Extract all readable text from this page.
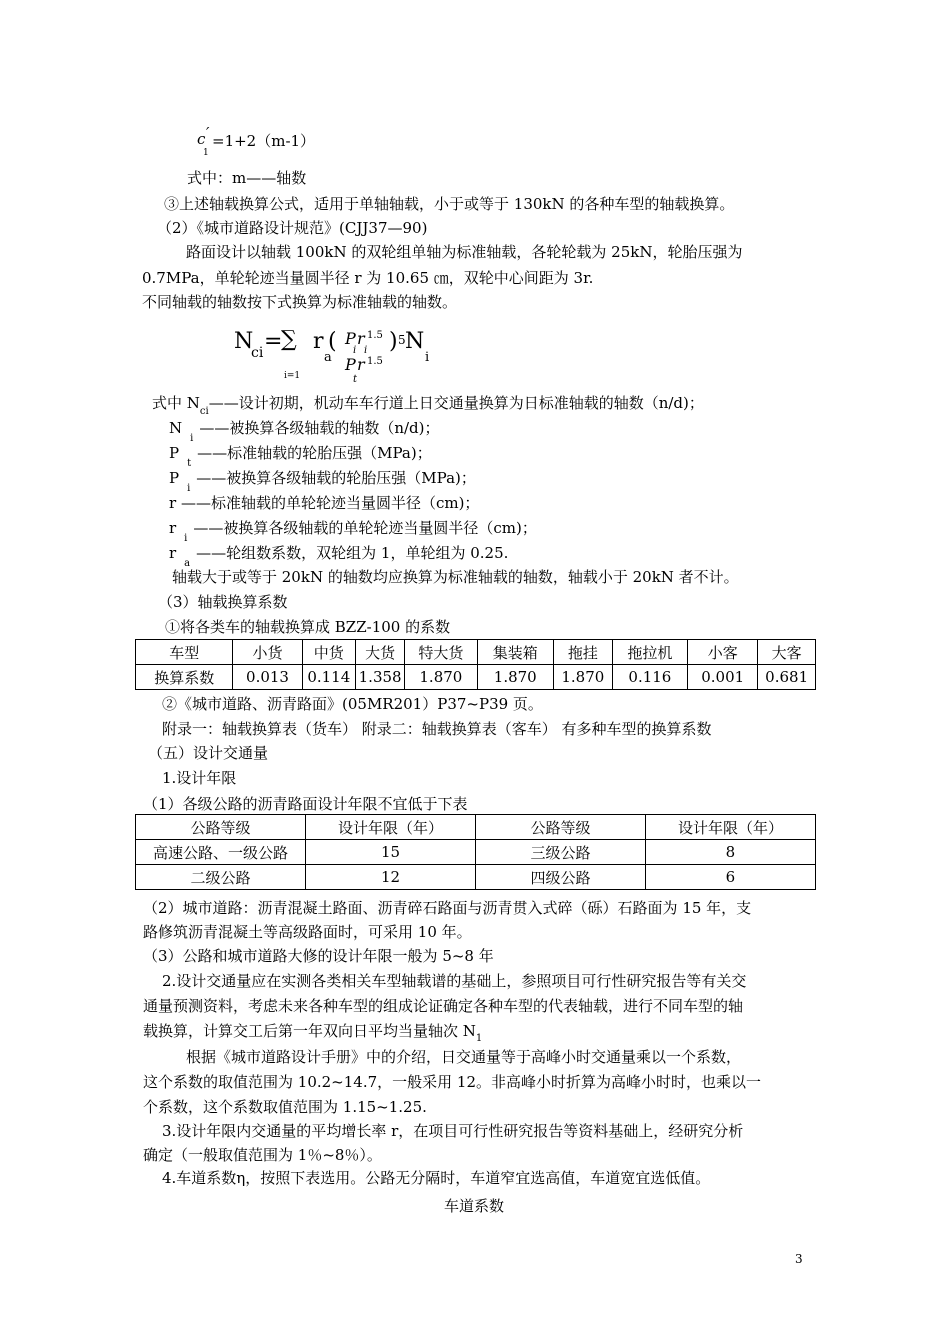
c ′
1
=1+2（m-1）
式中：m——轴数
③上述轴载换算公式，适用于单轴轴载，小于或等于 130kN 的各种车型的轴载换算。
（2）《城市道路设计规范》(CJJ37—90)
路面设计以轴载 100kN 的双轮组单轴为标准轴载，各轮轮载为 25kN，轮胎压强为
0.7MPa，单轮轮迹当量圆半径 r 为 10.65 ㎝，双轮中心间距为 3r.
不同轴载的轴数按下式换算为标准轴载的轴数。
N
ci =
∑
i=1
r
a
( P r 1.5
i i
P r 1.5
t
) 5 N
i
式中 $N_{ci}——$设计初期，机动车车行道上日交通量换算为日标准轴载的轴数（n/d)；
$N_i——$被换算各级轴载的轴数（n/d)；
$P_t——$标准轴载的轮胎压强（MPa)；
$P_i——$被换算各级轴载的轮胎压强（MPa)；
r ——标准轴载的单轮轮迹当量圆半径（cm)；
$r_i——$被换算各级轴载的单轮轮迹当量圆半径（cm)；
$r_a——$轮组数系数，双轮组为 1，单轮组为 0.25.
轴载大于或等于 20kN 的轴数均应换算为标准轴载的轴数，轴载小于 20kN 者不计。
（3）轴载换算系数
①将各类车的轴载换算成 BZZ-100 的系数
车型	小货	中货	大货	特大货	集装箱	拖挂	拖拉机	小客	大客
换算系数	0.013	0.114	1.358	1.870	1.870	1.870	0.116	0.001	0.681
②《城市道路、沥青路面》(05MR201）P37~P39 页。
附录一：轴载换算表（货车） 附录二：轴载换算表（客车） 有多种车型的换算系数
（五）设计交通量
1.设计年限
（1）各级公路的沥青路面设计年限不宜低于下表
公路等级	设计年限（年）	公路等级	设计年限（年）
高速公路、一级公路	15	三级公路	8
二级公路	12	四级公路	6
（2）城市道路：沥青混凝土路面、沥青碎石路面与沥青贯入式碎（砾）石路面为 15 年，支
路修筑沥青混凝土等高级路面时，可采用 10 年。
（3）公路和城市道路大修的设计年限一般为 5~8 年
2.设计交通量应在实测各类相关车型轴载谱的基础上，参照项目可行性研究报告等有关交
通量预测资料，考虑未来各种车型的组成论证确定各种车型的代表轴载，进行不同车型的轴
载换算，计算交工后第一年双向日平均当量轴次 $N_1$
根据《城市道路设计手册》中的介绍，日交通量等于高峰小时交通量乘以一个系数，
这个系数的取值范围为 10.2~14.7，一般采用 12。非高峰小时折算为高峰小时时，也乘以一
个系数，这个系数取值范围为 1.15~1.25.
3.设计年限内交通量的平均增长率 r，在项目可行性研究报告等资料基础上，经研究分析
确定（一般取值范围为 1％~8％）。
4.车道系数η，按照下表选用。公路无分隔时，车道窄宜选高值，车道宽宜选低值。
车道系数
3
